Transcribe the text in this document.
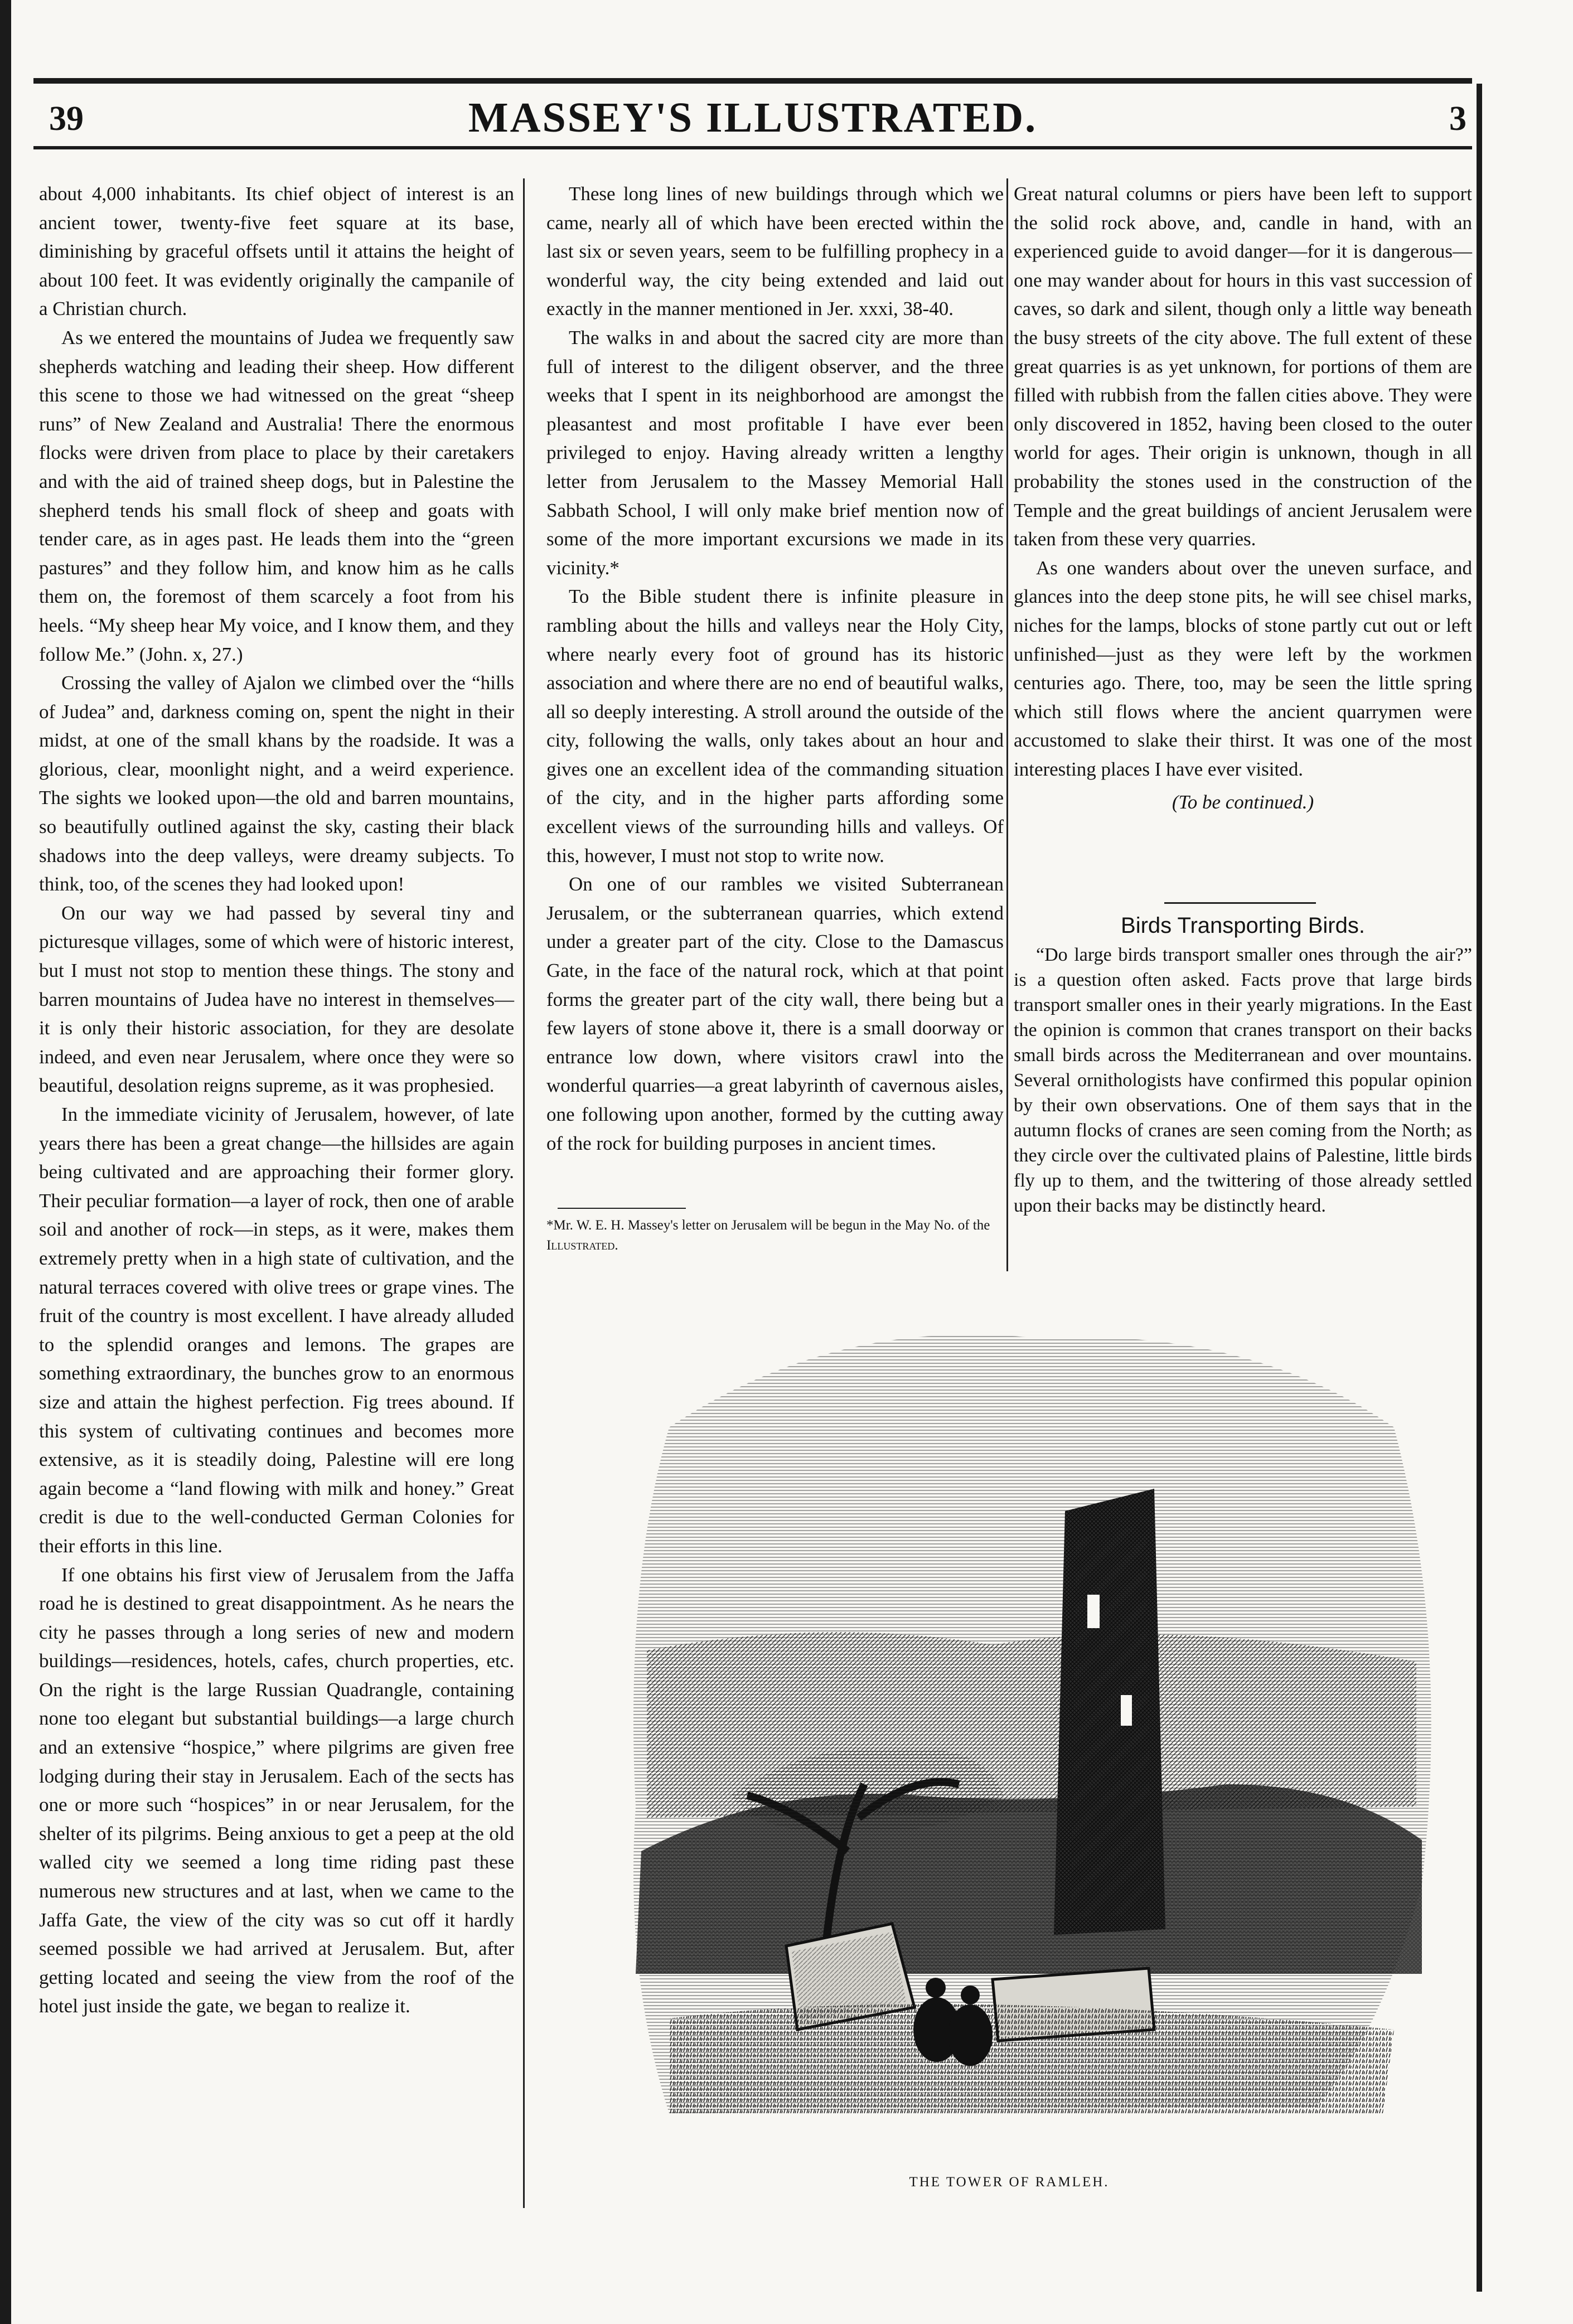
39	MASSEY'S ILLUSTRATED.	3

about 4,000 inhabitants. Its chief object of interest is an ancient tower, twenty-five feet square at its base, diminishing by graceful offsets until it attains the height of about 100 feet. It was evidently originally the campanile of a Christian church.

As we entered the mountains of Judea we frequently saw shepherds watching and leading their sheep. How different this scene to those we had witnessed on the great “sheep runs” of New Zealand and Australia! There the enormous flocks were driven from place to place by their caretakers and with the aid of trained sheep dogs, but in Palestine the shepherd tends his small flock of sheep and goats with tender care, as in ages past. He leads them into the “green pastures” and they follow him, and know him as he calls them on, the foremost of them scarcely a foot from his heels. “My sheep hear My voice, and I know them, and they follow Me.” (John. x, 27.)

Crossing the valley of Ajalon we climbed over the “hills of Judea” and, darkness coming on, spent the night in their midst, at one of the small khans by the roadside. It was a glorious, clear, moonlight night, and a weird experience. The sights we looked upon—the old and barren mountains, so beautifully outlined against the sky, casting their black shadows into the deep valleys, were dreamy subjects. To think, too, of the scenes they had looked upon!

On our way we had passed by several tiny and picturesque villages, some of which were of historic interest, but I must not stop to mention these things. The stony and barren mountains of Judea have no interest in themselves—it is only their historic association, for they are desolate indeed, and even near Jerusalem, where once they were so beautiful, desolation reigns supreme, as it was prophesied.

In the immediate vicinity of Jerusalem, however, of late years there has been a great change—the hillsides are again being cultivated and are approaching their former glory. Their peculiar formation—a layer of rock, then one of arable soil and another of rock—in steps, as it were, makes them extremely pretty when in a high state of cultivation, and the natural terraces covered with olive trees or grape vines. The fruit of the country is most excellent. I have already alluded to the splendid oranges and lemons. The grapes are something extraordinary, the bunches grow to an enormous size and attain the highest perfection. Fig trees abound. If this system of cultivating continues and becomes more extensive, as it is steadily doing, Palestine will ere long again become a “land flowing with milk and honey.” Great credit is due to the well-conducted German Colonies for their efforts in this line.

If one obtains his first view of Jerusalem from the Jaffa road he is destined to great disappointment. As he nears the city he passes through a long series of new and modern buildings—residences, hotels, cafes, church properties, etc. On the right is the large Russian Quadrangle, containing none too elegant but substantial buildings—a large church and an extensive “hospice,” where pilgrims are given free lodging during their stay in Jerusalem. Each of the sects has one or more such “hospices” in or near Jerusalem, for the shelter of its pilgrims. Being anxious to get a peep at the old walled city we seemed a long time riding past these numerous new structures and at last, when we came to the Jaffa Gate, the view of the city was so cut off it hardly seemed possible we had arrived at Jerusalem. But, after getting located and seeing the view from the roof of the hotel just inside the gate, we began to realize it.

These long lines of new buildings through which we came, nearly all of which have been erected within the last six or seven years, seem to be fulfilling prophecy in a wonderful way, the city being extended and laid out exactly in the manner mentioned in Jer. xxxi, 38-40.

The walks in and about the sacred city are more than full of interest to the diligent observer, and the three weeks that I spent in its neighborhood are amongst the pleasantest and most profitable I have ever been privileged to enjoy. Having already written a lengthy letter from Jerusalem to the Massey Memorial Hall Sabbath School, I will only make brief mention now of some of the more important excursions we made in its vicinity.*

To the Bible student there is infinite pleasure in rambling about the hills and valleys near the Holy City, where nearly every foot of ground has its historic association and where there are no end of beautiful walks, all so deeply interesting. A stroll around the outside of the city, following the walls, only takes about an hour and gives one an excellent idea of the commanding situation of the city, and in the higher parts affording some excellent views of the surrounding hills and valleys. Of this, however, I must not stop to write now.

On one of our rambles we visited Subterranean Jerusalem, or the subterranean quarries, which extend under a greater part of the city. Close to the Damascus Gate, in the face of the natural rock, which at that point forms the greater part of the city wall, there being but a few layers of stone above it, there is a small doorway or entrance low down, where visitors crawl into the wonderful quarries—a great labyrinth of cavernous aisles, one following upon another, formed by the cutting away of the rock for building purposes in ancient times.

*Mr. W. E. H. Massey's letter on Jerusalem will be begun in the May No. of the Illustrated.

Great natural columns or piers have been left to support the solid rock above, and, candle in hand, with an experienced guide to avoid danger—for it is dangerous—one may wander about for hours in this vast succession of caves, so dark and silent, though only a little way beneath the busy streets of the city above. The full extent of these great quarries is as yet unknown, for portions of them are filled with rubbish from the fallen cities above. They were only discovered in 1852, having been closed to the outer world for ages. Their origin is unknown, though in all probability the stones used in the construction of the Temple and the great buildings of ancient Jerusalem were taken from these very quarries.

As one wanders about over the uneven surface, and glances into the deep stone pits, he will see chisel marks, niches for the lamps, blocks of stone partly cut out or left unfinished—just as they were left by the workmen centuries ago. There, too, may be seen the little spring which still flows where the ancient quarrymen were accustomed to slake their thirst. It was one of the most interesting places I have ever visited.

(To be continued.)

Birds Transporting Birds.

“Do large birds transport smaller ones through the air?” is a question often asked. Facts prove that large birds transport smaller ones in their yearly migrations. In the East the opinion is common that cranes transport on their backs small birds across the Mediterranean and over mountains. Several ornithologists have confirmed this popular opinion by their own observations. One of them says that in the autumn flocks of cranes are seen coming from the North; as they circle over the cultivated plains of Palestine, little birds fly up to them, and the twittering of those already settled upon their backs may be distinctly heard.

THE TOWER OF RAMLEH.
